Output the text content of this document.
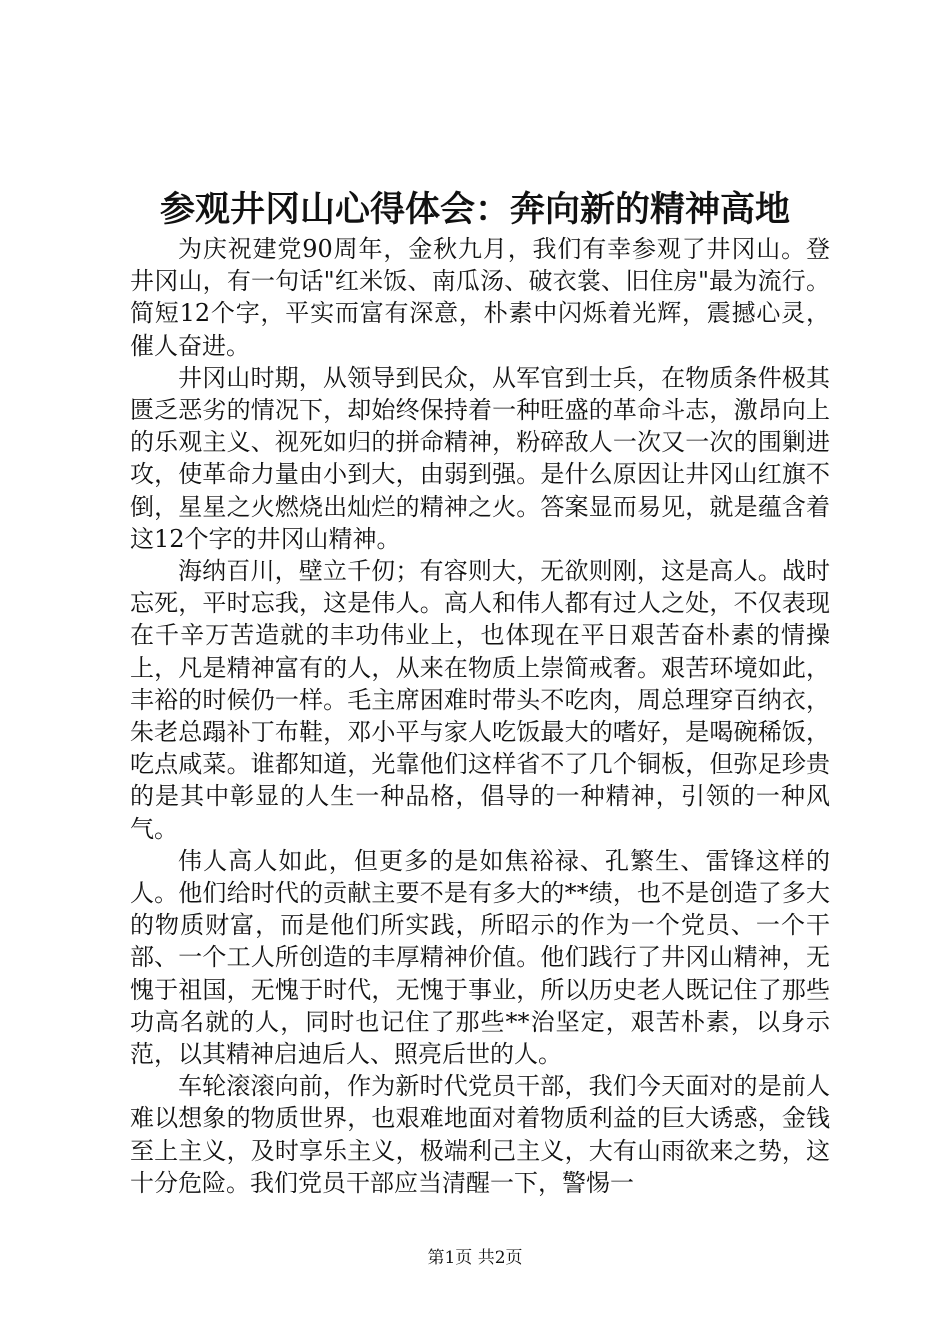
参观井冈山心得体会：奔向新的精神高地

为庆祝建党90周年，金秋九月，我们有幸参观了井冈山。登井冈山，有一句话"红米饭、南瓜汤、破衣裳、旧住房"最为流行。简短12个字，平实而富有深意，朴素中闪烁着光辉，震撼心灵，催人奋进。

井冈山时期，从领导到民众，从军官到士兵，在物质条件极其匮乏恶劣的情况下，却始终保持着一种旺盛的革命斗志，激昂向上的乐观主义、视死如归的拼命精神，粉碎敌人一次又一次的围剿进攻，使革命力量由小到大，由弱到强。是什么原因让井冈山红旗不倒，星星之火燃烧出灿烂的精神之火。答案显而易见，就是蕴含着这12个字的井冈山精神。

海纳百川，壁立千仞；有容则大，无欲则刚，这是高人。战时忘死，平时忘我，这是伟人。高人和伟人都有过人之处，不仅表现在千辛万苦造就的丰功伟业上，也体现在平日艰苦奋朴素的情操上，凡是精神富有的人，从来在物质上崇简戒奢。艰苦环境如此，丰裕的时候仍一样。毛主席困难时带头不吃肉，周总理穿百纳衣，朱老总蹋补丁布鞋，邓小平与家人吃饭最大的嗜好，是喝碗稀饭，吃点咸菜。谁都知道，光靠他们这样省不了几个铜板，但弥足珍贵的是其中彰显的人生一种品格，倡导的一种精神，引领的一种风气。

伟人高人如此，但更多的是如焦裕禄、孔繁生、雷锋这样的人。他们给时代的贡献主要不是有多大的**绩，也不是创造了多大的物质财富，而是他们所实践，所昭示的作为一个党员、一个干部、一个工人所创造的丰厚精神价值。他们践行了井冈山精神，无愧于祖国，无愧于时代，无愧于事业，所以历史老人既记住了那些功高名就的人，同时也记住了那些**治坚定，艰苦朴素，以身示范，以其精神启迪后人、照亮后世的人。

车轮滚滚向前，作为新时代党员干部，我们今天面对的是前人难以想象的物质世界，也艰难地面对着物质利益的巨大诱惑，金钱至上主义，及时享乐主义，极端利己主义，大有山雨欲来之势，这十分危险。我们党员干部应当清醒一下，警惕一

第1页 共2页
